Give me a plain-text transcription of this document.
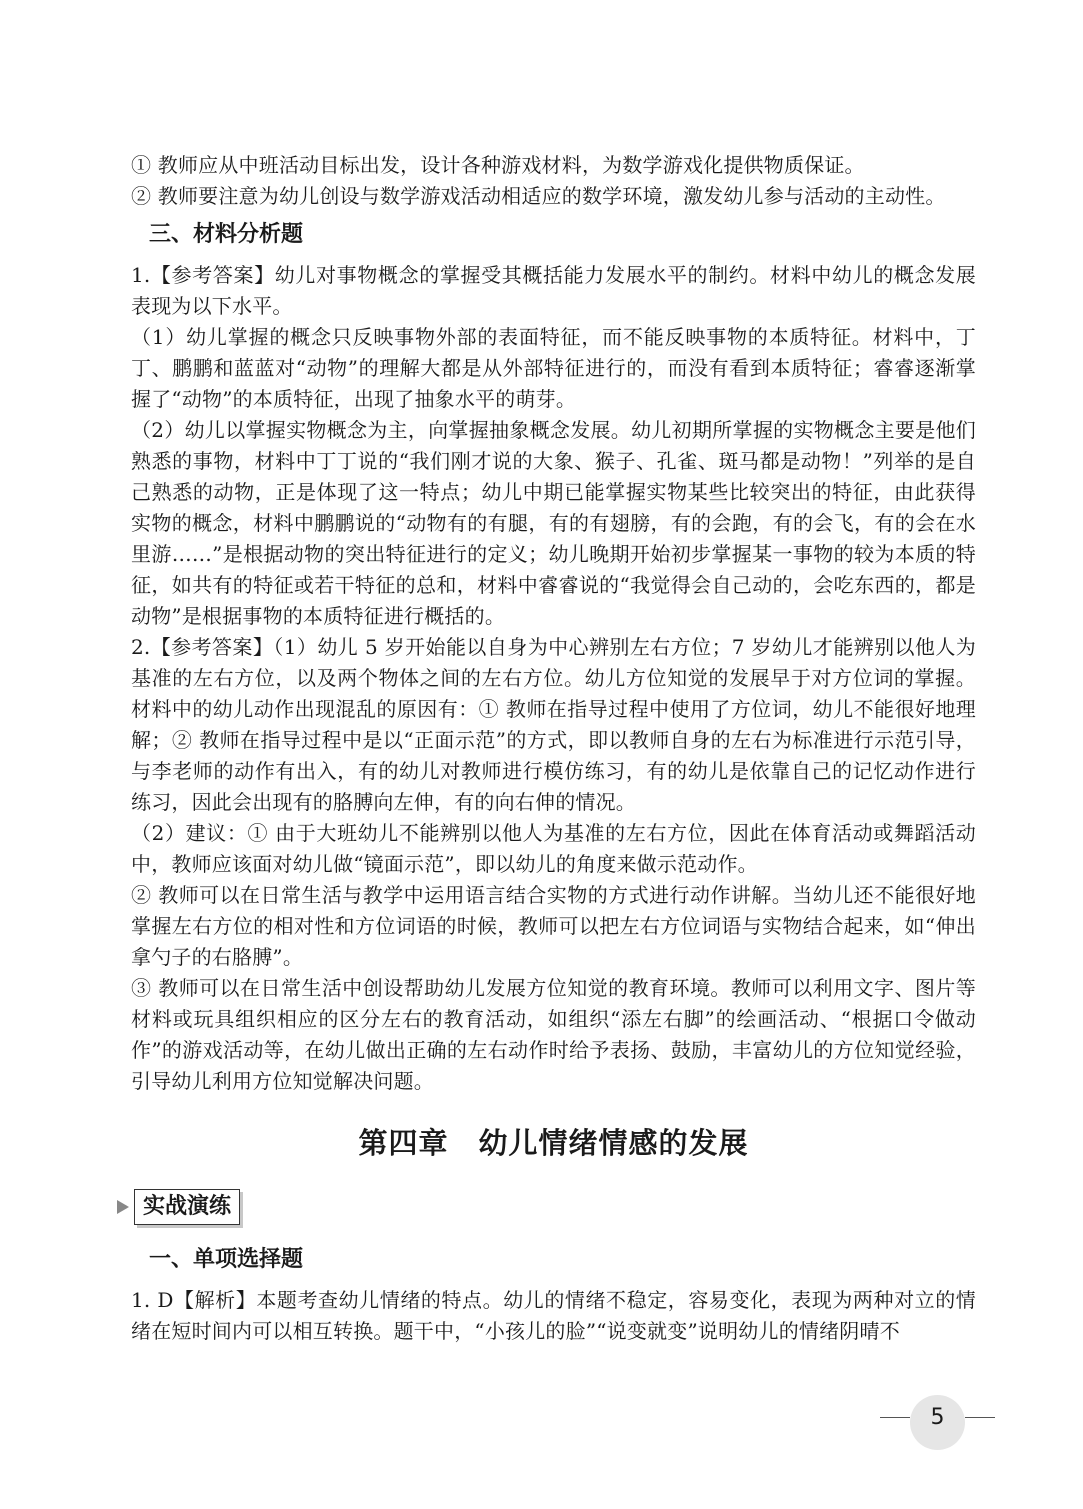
① 教师应从中班活动目标出发，设计各种游戏材料，为数学游戏化提供物质保证。

② 教师要注意为幼儿创设与数学游戏活动相适应的数学环境，激发幼儿参与活动的主动性。

三、材料分析题

1.【参考答案】幼儿对事物概念的掌握受其概括能力发展水平的制约。材料中幼儿的概念发展表现为以下水平。

（1）幼儿掌握的概念只反映事物外部的表面特征，而不能反映事物的本质特征。材料中，丁丁、鹏鹏和蓝蓝对“动物”的理解大都是从外部特征进行的，而没有看到本质特征；睿睿逐渐掌握了“动物”的本质特征，出现了抽象水平的萌芽。

（2）幼儿以掌握实物概念为主，向掌握抽象概念发展。幼儿初期所掌握的实物概念主要是他们熟悉的事物，材料中丁丁说的“我们刚才说的大象、猴子、孔雀、斑马都是动物！”列举的是自己熟悉的动物，正是体现了这一特点；幼儿中期已能掌握实物某些比较突出的特征，由此获得实物的概念，材料中鹏鹏说的“动物有的有腿，有的有翅膀，有的会跑，有的会飞，有的会在水里游……”是根据动物的突出特征进行的定义；幼儿晚期开始初步掌握某一事物的较为本质的特征，如共有的特征或若干特征的总和，材料中睿睿说的“我觉得会自己动的，会吃东西的，都是动物”是根据事物的本质特征进行概括的。

2.【参考答案】（1）幼儿 5 岁开始能以自身为中心辨别左右方位；7 岁幼儿才能辨别以他人为基准的左右方位，以及两个物体之间的左右方位。幼儿方位知觉的发展早于对方位词的掌握。材料中的幼儿动作出现混乱的原因有：① 教师在指导过程中使用了方位词，幼儿不能很好地理解；② 教师在指导过程中是以“正面示范”的方式，即以教师自身的左右为标准进行示范引导，与李老师的动作有出入，有的幼儿对教师进行模仿练习，有的幼儿是依靠自己的记忆动作进行练习，因此会出现有的胳膊向左伸，有的向右伸的情况。

（2）建议：① 由于大班幼儿不能辨别以他人为基准的左右方位，因此在体育活动或舞蹈活动中，教师应该面对幼儿做“镜面示范”，即以幼儿的角度来做示范动作。

② 教师可以在日常生活与教学中运用语言结合实物的方式进行动作讲解。当幼儿还不能很好地掌握左右方位的相对性和方位词语的时候，教师可以把左右方位词语与实物结合起来，如“伸出拿勺子的右胳膊”。

③ 教师可以在日常生活中创设帮助幼儿发展方位知觉的教育环境。教师可以利用文字、图片等材料或玩具组织相应的区分左右的教育活动，如组织“添左右脚”的绘画活动、“根据口令做动作”的游戏活动等，在幼儿做出正确的左右动作时给予表扬、鼓励，丰富幼儿的方位知觉经验，引导幼儿利用方位知觉解决问题。

第四章　幼儿情绪情感的发展
实战演练
一、单项选择题

1. D【解析】本题考查幼儿情绪的特点。幼儿的情绪不稳定，容易变化，表现为两种对立的情绪在短时间内可以相互转换。题干中，“小孩儿的脸”“说变就变”说明幼儿的情绪阴晴不

5
